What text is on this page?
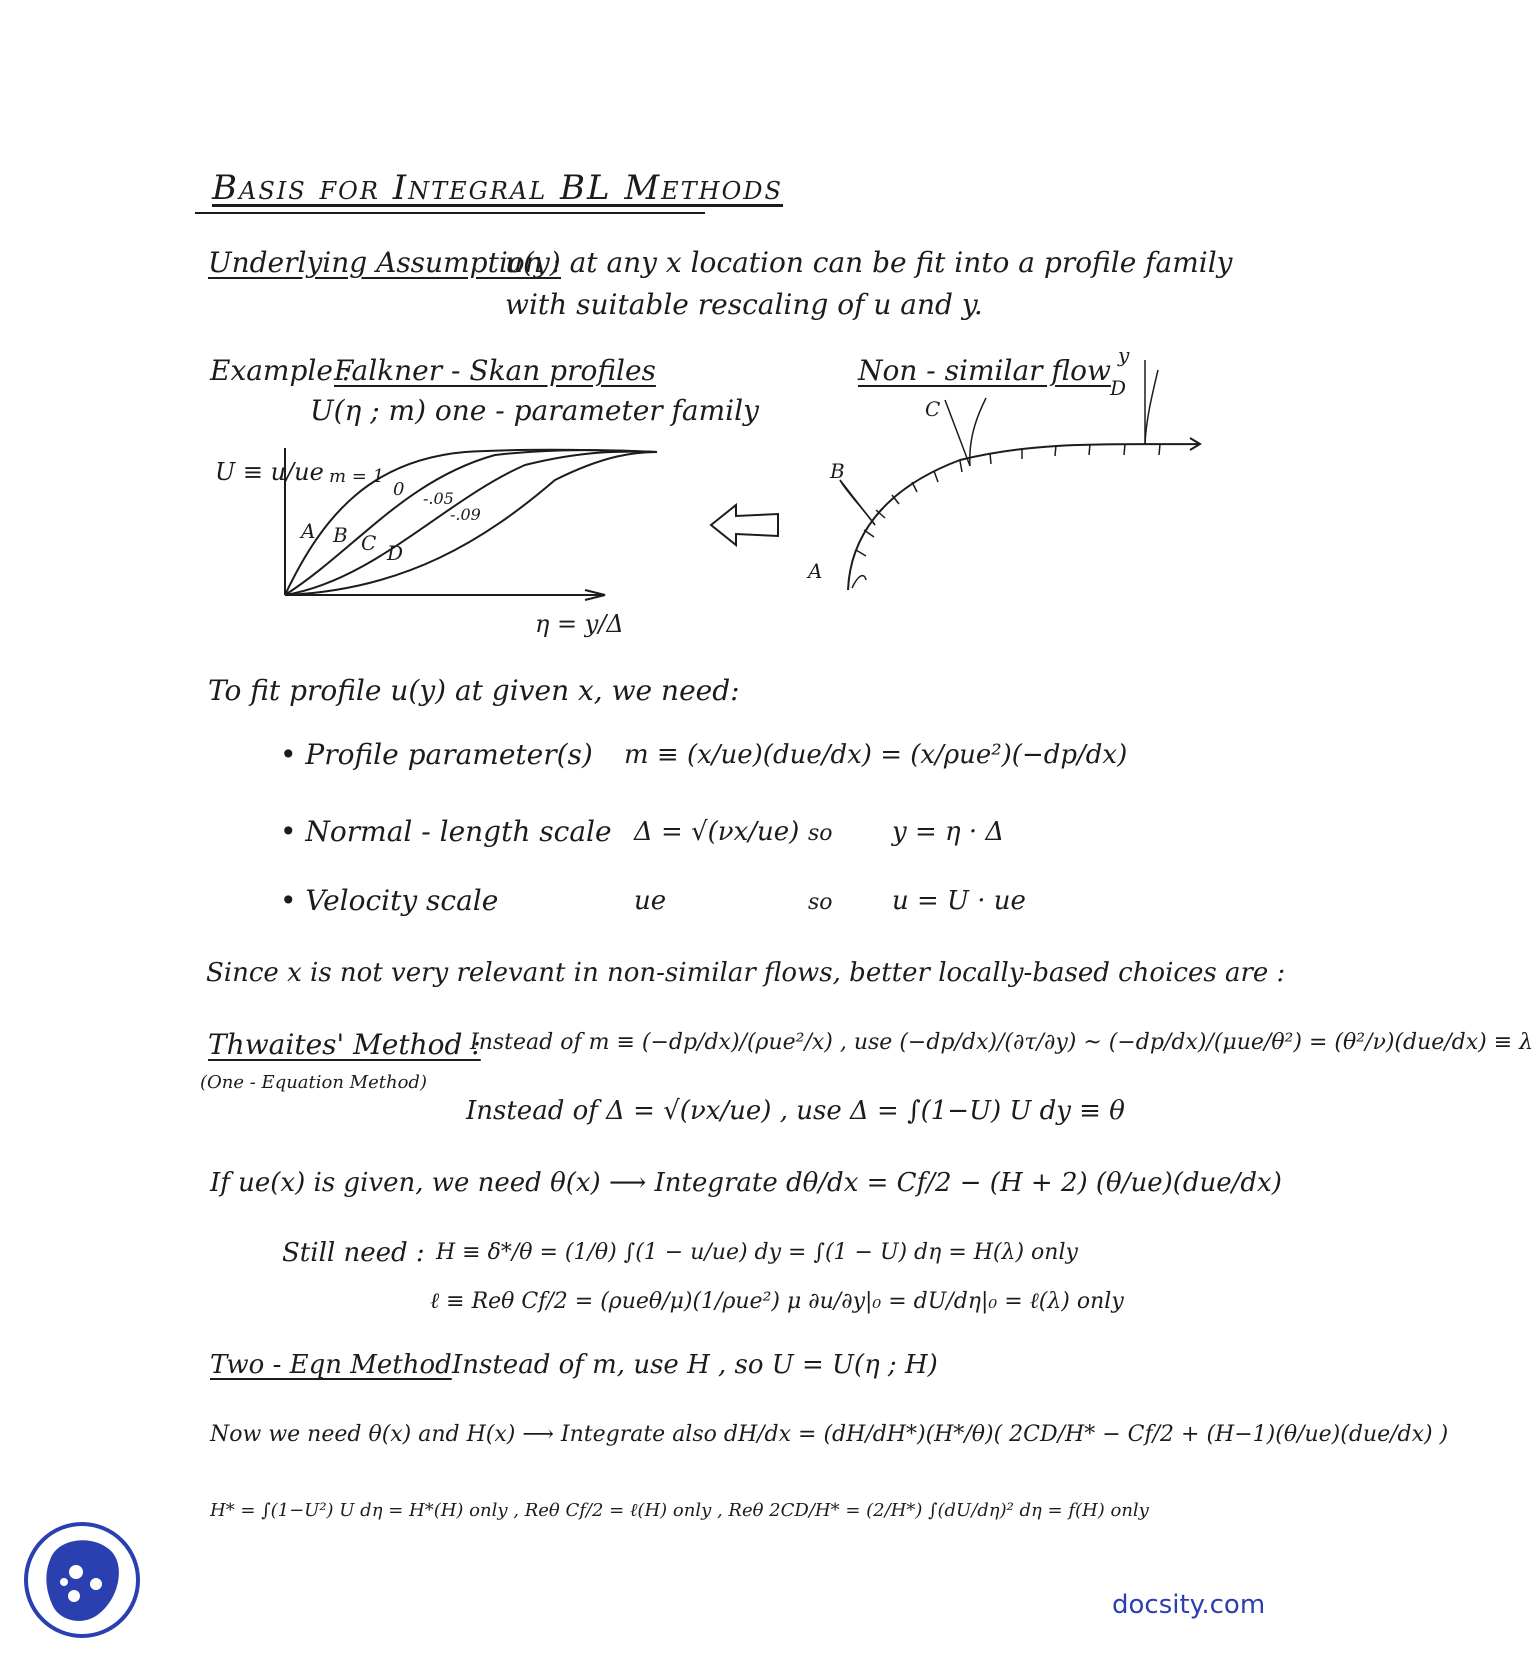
Basis for Integral BL Methods
Underlying Assumption :
u(y) at any x location can be fit into a profile family
with suitable rescaling of u and y.
Example :
Falkner - Skan profiles
U(η ; m) one - parameter family
Non - similar flow
U ≡ u/ue
η = y/Δ
m = 1
0 -.05
-.09
A B C D
A
B
C
D
y
To fit profile u(y) at given x, we need:
• Profile parameter(s) m ≡ (x/ue)(due/dx) = (x/ρue²)(−dp/dx)
• Normal - length scale Δ = √(νx/ue) so y = η · Δ
• Velocity scale	ue	so u = U · ue
Since x is not very relevant in non-similar flows, better locally-based choices are :
Thwaites' Method :
(One - Equation Method)
Instead of m ≡ (−dp/dx)/(ρue²/x) , use (−dp/dx)/(∂τ/∂y) ~ (−dp/dx)/(μue/θ²) = (θ²/ν)(due/dx) ≡ λ
Instead of Δ = √(νx/ue) , use Δ = ∫(1−U) U dy ≡ θ
If ue(x) is given, we need θ(x) ⟶ Integrate dθ/dx = Cf/2 − (H + 2) (θ/ue)(due/dx)
Still need : H ≡ δ*/θ = (1/θ) ∫(1 − u/ue) dy = ∫(1 − U) dη = H(λ) only
ℓ ≡ Reθ Cf/2 = (ρueθ/μ)(1/ρue²) μ ∂u/∂y|₀ = dU/dη|₀ = ℓ(λ) only
Two - Eqn Method Instead of m, use H , so U = U(η ; H)
Now we need θ(x) and H(x) ⟶ Integrate also dH/dx = (dH/dH*)(H*/θ)( 2CD/H* − Cf/2 + (H−1)(θ/ue)(due/dx) )
H* = ∫(1−U²) U dη = H*(H) only , Reθ Cf/2 = ℓ(H) only , Reθ 2CD/H* = (2/H*) ∫(dU/dη)² dη = f(H) only
docsity.com
